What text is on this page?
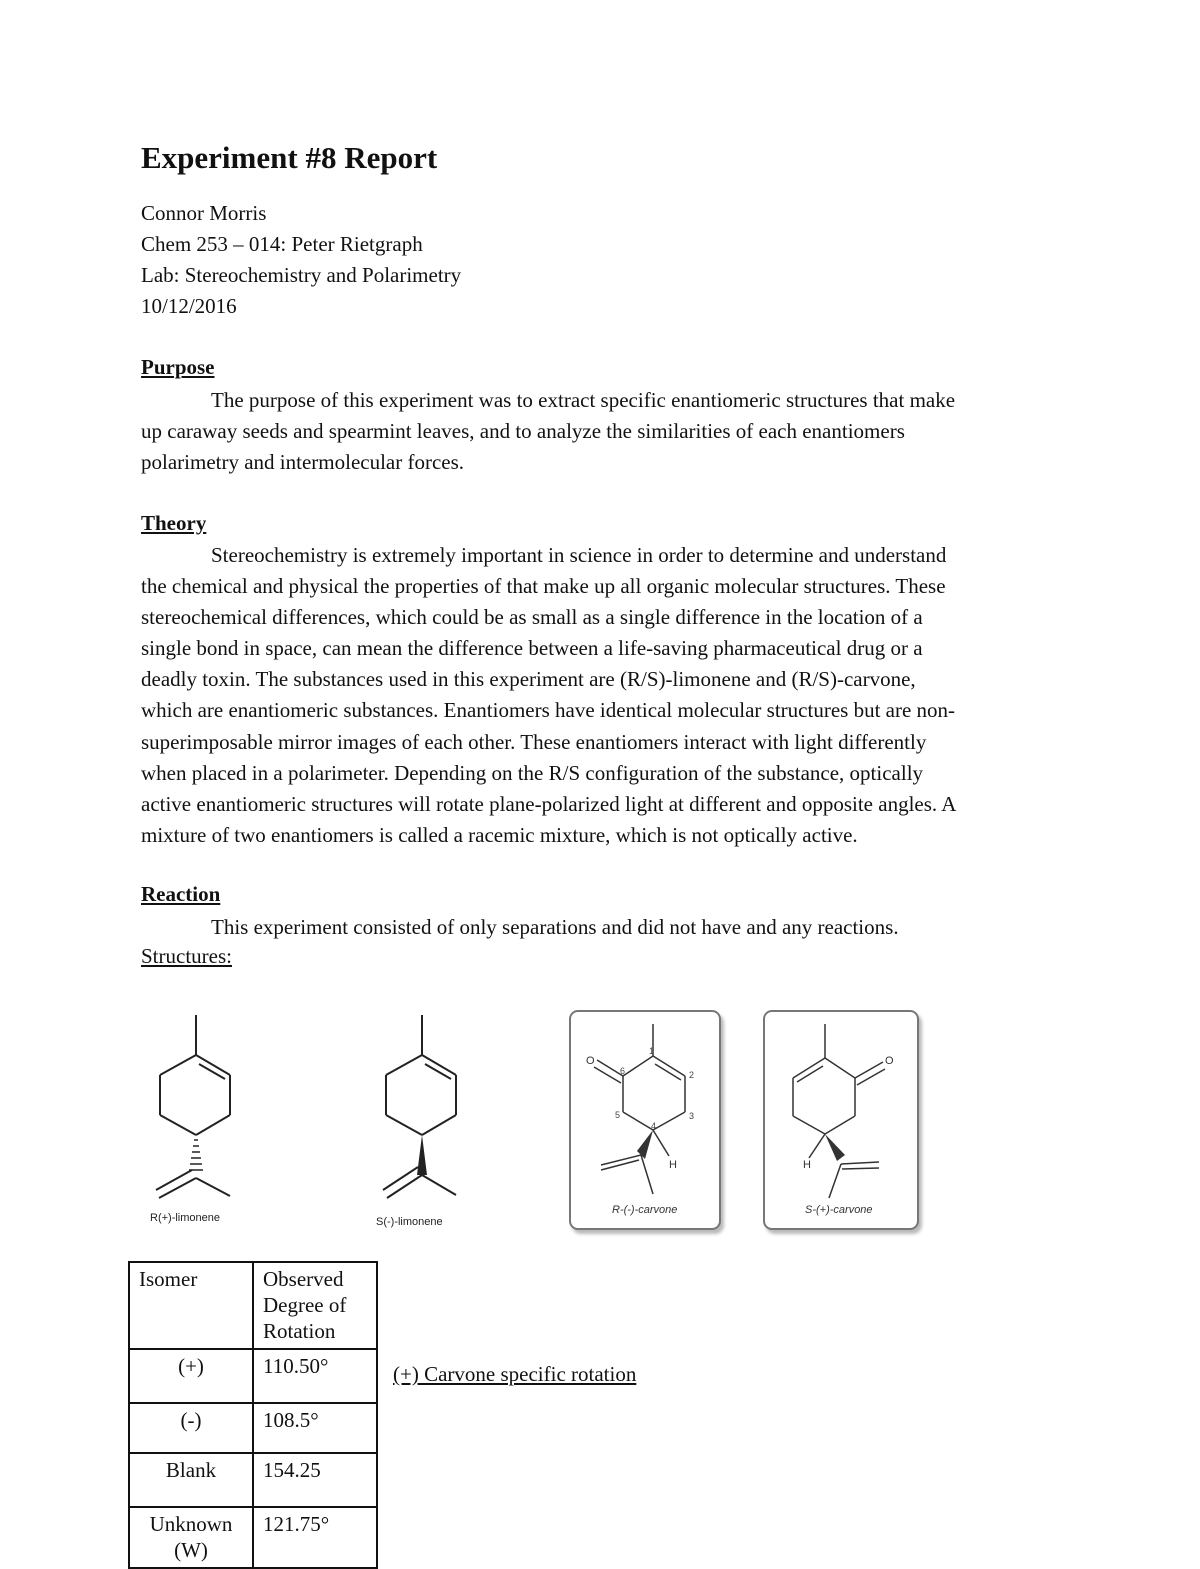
Experiment #8 Report
Connor Morris
Chem 253 – 014: Peter Rietgraph
Lab: Stereochemistry and Polarimetry
10/12/2016
Purpose
The purpose of this experiment was to extract specific enantiomeric structures that make
up caraway seeds and spearmint leaves, and to analyze the similarities of each enantiomers
polarimetry and intermolecular forces.
Theory
Stereochemistry is extremely important in science in order to determine and understand
the chemical and physical the properties of that make up all organic molecular structures. These
stereochemical differences, which could be as small as a single difference in the location of a
single bond in space, can mean the difference between a life-saving pharmaceutical drug or a
deadly toxin. The substances used in this experiment are (R/S)-limonene and (R/S)-carvone,
which are enantiomeric substances. Enantiomers have identical molecular structures but are non-
superimposable mirror images of each other. These enantiomers interact with light differently
when placed in a polarimeter. Depending on the R/S configuration of the substance, optically
active enantiomeric structures will rotate plane-polarized light at different and opposite angles. A
mixture of two enantiomers is called a racemic mixture, which is not optically active.
Reaction
This experiment consisted of only separations and did not have and any reactions.
Structures:
R(+)-limonene	S(-)-limonene
O
H
1
2
3
4
5
6
R-(-)-carvone
O
H
S-(+)-carvone
Isomer	Observed Degree of Rotation
(+)	110.50°
(-)	108.5°
Blank	154.25
Unknown (W)	121.75°
(+) Carvone specific rotation
